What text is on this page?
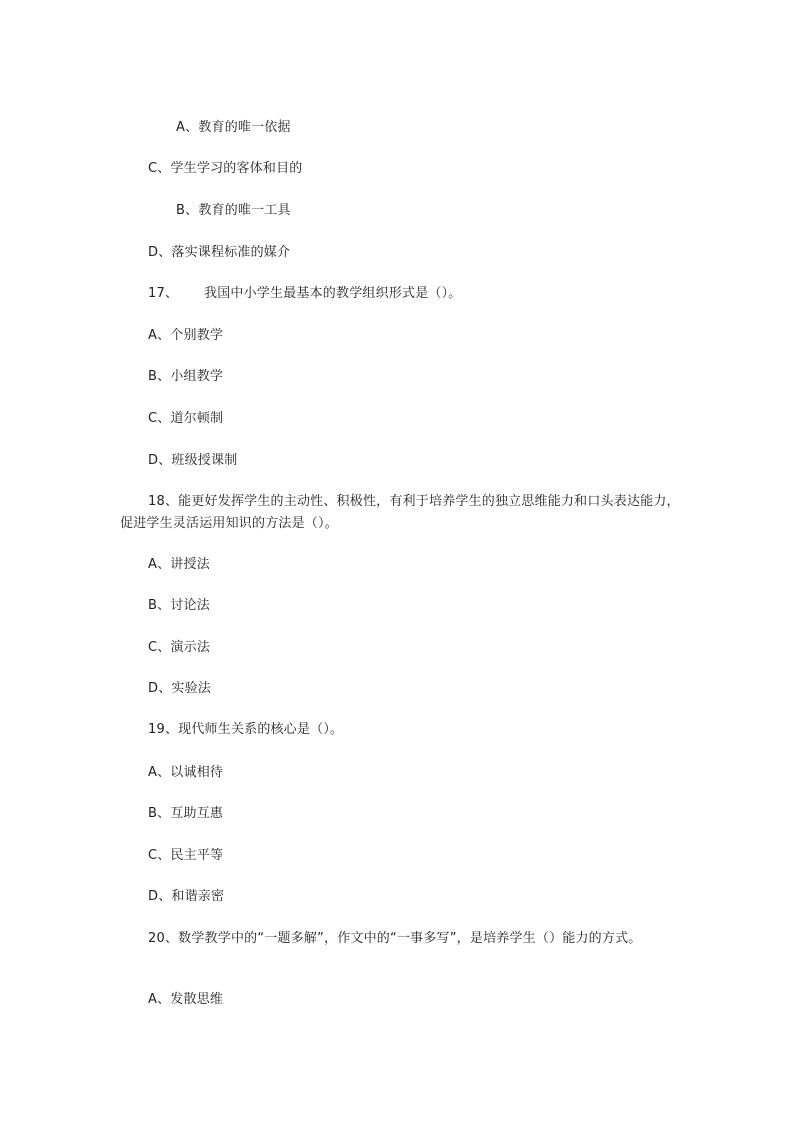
A、教育的唯一依据
C、学生学习的客体和目的
B、教育的唯一工具
D、落实课程标准的媒介
17、 我国中小学生最基本的教学组织形式是（）。
A、个别教学
B、小组教学
C、道尔顿制
D、班级授课制
18、能更好发挥学生的主动性、积极性，有利于培养学生的独立思维能力和口头表达能力，促进学生灵活运用知识的方法是（）。
A、讲授法
B、讨论法
C、演示法
D、实验法
19、现代师生关系的核心是（）。
A、以诚相待
B、互助互惠
C、民主平等
D、和谐亲密
20、数学教学中的“一题多解”，作文中的“一事多写”，是培养学生（）能力的方式。
A、发散思维
